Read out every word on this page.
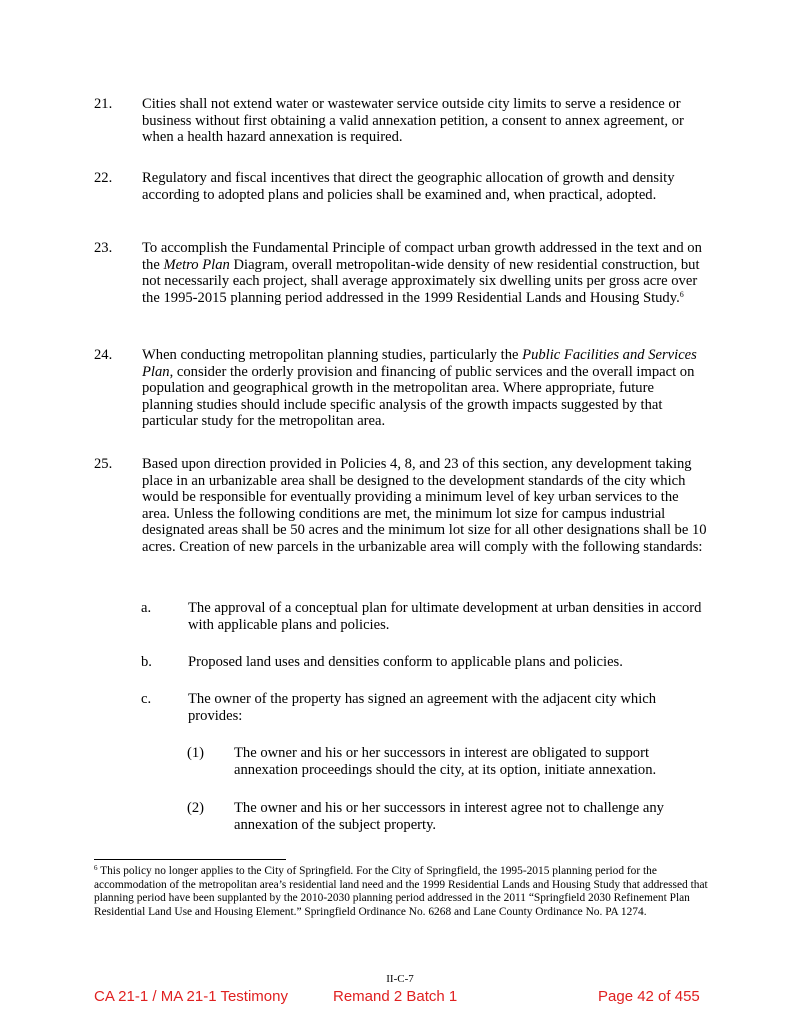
21. Cities shall not extend water or wastewater service outside city limits to serve a residence or business without first obtaining a valid annexation petition, a consent to annex agreement, or when a health hazard annexation is required.
22. Regulatory and fiscal incentives that direct the geographic allocation of growth and density according to adopted plans and policies shall be examined and, when practical, adopted.
23. To accomplish the Fundamental Principle of compact urban growth addressed in the text and on the Metro Plan Diagram, overall metropolitan-wide density of new residential construction, but not necessarily each project, shall average approximately six dwelling units per gross acre over the 1995-2015 planning period addressed in the 1999 Residential Lands and Housing Study.$^6$
24. When conducting metropolitan planning studies, particularly the Public Facilities and Services Plan, consider the orderly provision and financing of public services and the overall impact on population and geographical growth in the metropolitan area. Where appropriate, future planning studies should include specific analysis of the growth impacts suggested by that particular study for the metropolitan area.
25. Based upon direction provided in Policies 4, 8, and 23 of this section, any development taking place in an urbanizable area shall be designed to the development standards of the city which would be responsible for eventually providing a minimum level of key urban services to the area. Unless the following conditions are met, the minimum lot size for campus industrial designated areas shall be 50 acres and the minimum lot size for all other designations shall be 10 acres. Creation of new parcels in the urbanizable area will comply with the following standards:
a.	The approval of a conceptual plan for ultimate development at urban densities in accord with applicable plans and policies.
b. Proposed land uses and densities conform to applicable plans and policies.
c.	The owner of the property has signed an agreement with the adjacent city which provides:
(1) The owner and his or her successors in interest are obligated to support annexation proceedings should the city, at its option, initiate annexation.
(2) The owner and his or her successors in interest agree not to challenge any annexation of the subject property.
$^6$ This policy no longer applies to the City of Springfield. For the City of Springfield, the 1995-2015 planning period for the accommodation of the metropolitan area’s residential land need and the 1999 Residential Lands and Housing Study that addressed that planning period have been supplanted by the 2010-2030 planning period addressed in the 2011 “Springfield 2030 Refinement Plan Residential Land Use and Housing Element.” Springfield Ordinance No. 6268 and Lane County Ordinance No. PA 1274.
II-C-7
CA 21-1 / MA 21-1 Testimony	Remand 2 Batch 1	Page 42 of 455
